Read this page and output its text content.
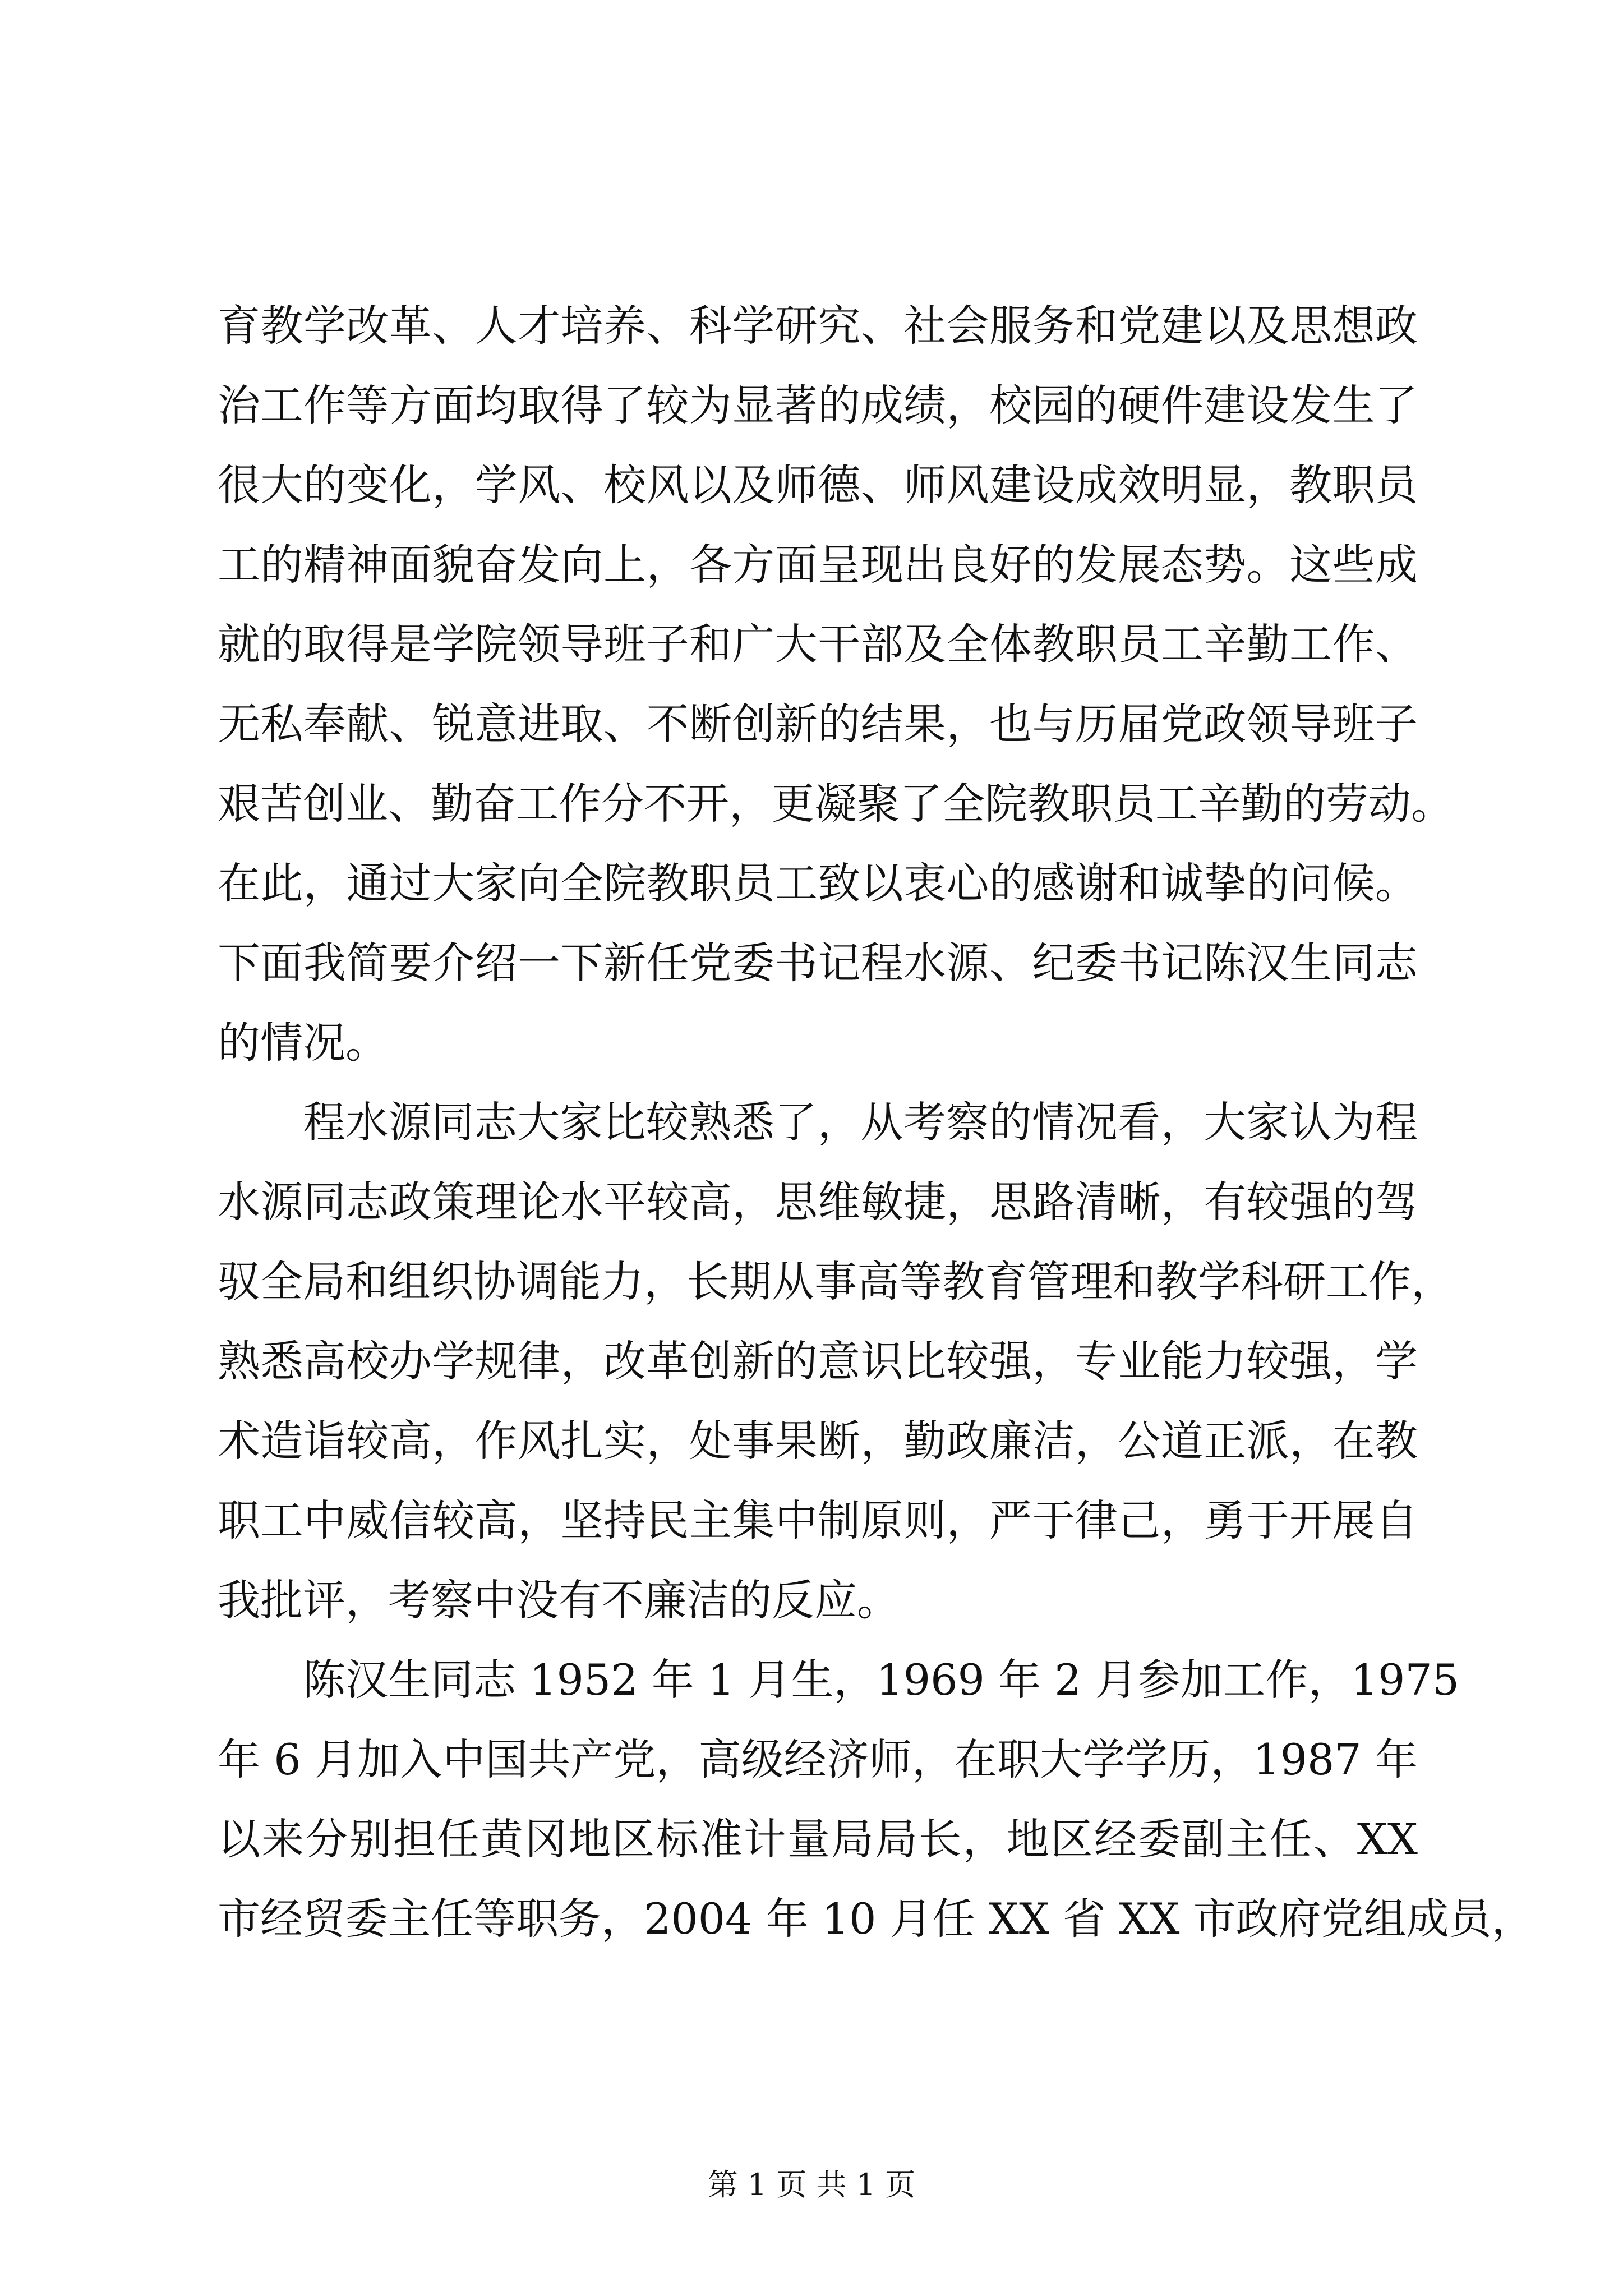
育教学改革、人才培养、科学研究、社会服务和党建以及思想政
治工作等方面均取得了较为显著的成绩，校园的硬件建设发生了
很大的变化，学风、校风以及师德、师风建设成效明显，教职员
工的精神面貌奋发向上，各方面呈现出良好的发展态势。这些成
就的取得是学院领导班子和广大干部及全体教职员工辛勤工作、
无私奉献、锐意进取、不断创新的结果，也与历届党政领导班子
艰苦创业、勤奋工作分不开，更凝聚了全院教职员工辛勤的劳动。
在此，通过大家向全院教职员工致以衷心的感谢和诚挚的问候。
下面我简要介绍一下新任党委书记程水源、纪委书记陈汉生同志
的情况。
程水源同志大家比较熟悉了，从考察的情况看，大家认为程
水源同志政策理论水平较高，思维敏捷，思路清晰，有较强的驾
驭全局和组织协调能力，长期从事高等教育管理和教学科研工作，
熟悉高校办学规律，改革创新的意识比较强，专业能力较强，学
术造诣较高，作风扎实，处事果断，勤政廉洁，公道正派，在教
职工中威信较高，坚持民主集中制原则，严于律己，勇于开展自
我批评，考察中没有不廉洁的反应。
陈汉生同志 1952 年 1 月生，1969 年 2 月参加工作，1975
年 6 月加入中国共产党，高级经济师，在职大学学历，1987 年
以来分别担任黄冈地区标准计量局局长，地区经委副主任、XX
市经贸委主任等职务，2004 年 10 月任 XX 省 XX 市政府党组成员，
第 1 页 共 1 页
